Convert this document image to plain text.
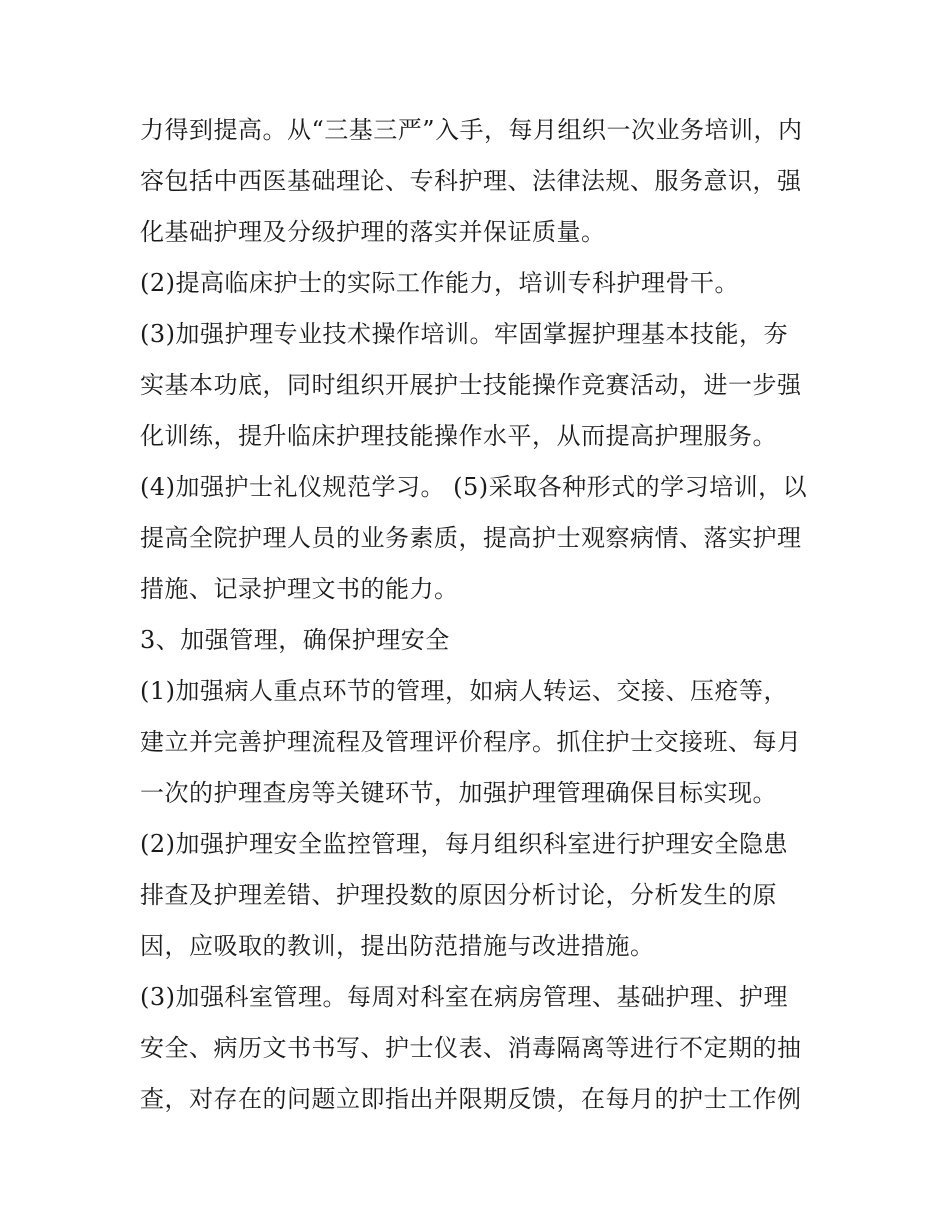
力得到提高。从“三基三严”入手，每月组织一次业务培训，内

容包括中西医基础理论、专科护理、法律法规、服务意识，强

化基础护理及分级护理的落实并保证质量。

(2)提高临床护士的实际工作能力，培训专科护理骨干。

(3)加强护理专业技术操作培训。牢固掌握护理基本技能，夯

实基本功底，同时组织开展护士技能操作竞赛活动，进一步强

化训练，提升临床护理技能操作水平，从而提高护理服务。

(4)加强护士礼仪规范学习。 (5)采取各种形式的学习培训，以

提高全院护理人员的业务素质，提高护士观察病情、落实护理

措施、记录护理文书的能力。

3、加强管理，确保护理安全

(1)加强病人重点环节的管理，如病人转运、交接、压疮等，

建立并完善护理流程及管理评价程序。抓住护士交接班、每月

一次的护理查房等关键环节，加强护理管理确保目标实现。

(2)加强护理安全监控管理，每月组织科室进行护理安全隐患

排查及护理差错、护理投数的原因分析讨论，分析发生的原

因，应吸取的教训，提出防范措施与改进措施。

(3)加强科室管理。每周对科室在病房管理、基础护理、护理

安全、病历文书书写、护士仪表、消毒隔离等进行不定期的抽

查，对存在的问题立即指出并限期反馈，在每月的护士工作例
